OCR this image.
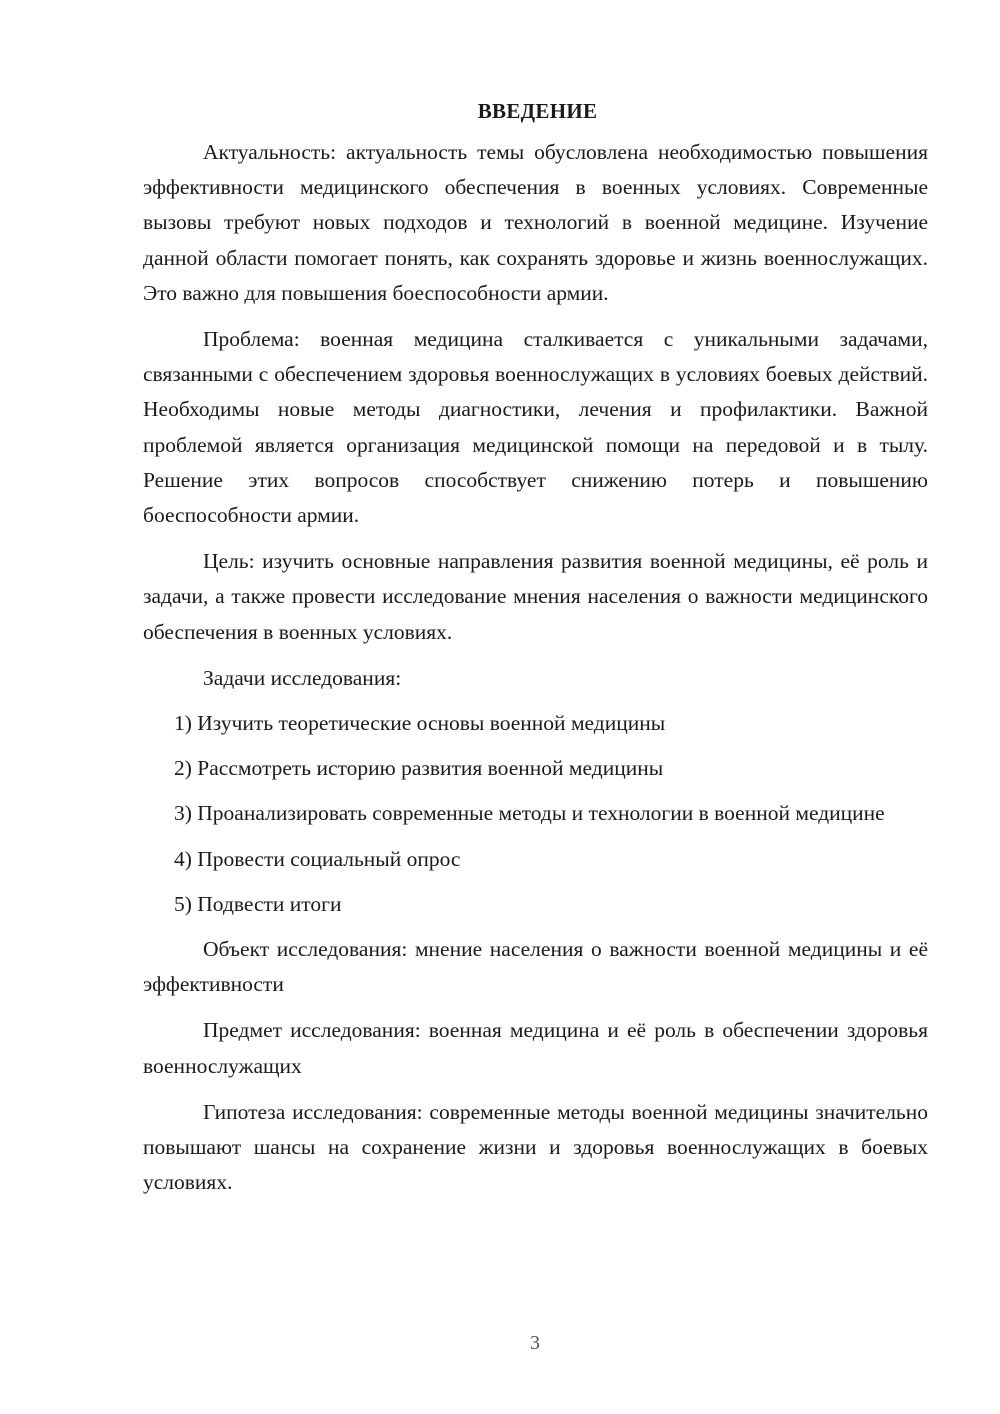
ВВЕДЕНИЕ

Актуальность: актуальность темы обусловлена необходимостью повышения эффективности медицинского обеспечения в военных условиях. Современные вызовы требуют новых подходов и технологий в военной медицине. Изучение данной области помогает понять, как сохранять здоровье и жизнь военнослужащих. Это важно для повышения боеспособности армии.

Проблема: военная медицина сталкивается с уникальными задачами, связанными с обеспечением здоровья военнослужащих в условиях боевых действий. Необходимы новые методы диагностики, лечения и профилактики. Важной проблемой является организация медицинской помощи на передовой и в тылу. Решение этих вопросов способствует снижению потерь и повышению боеспособности армии.

Цель: изучить основные направления развития военной медицины, её роль и задачи, а также провести исследование мнения населения о важности медицинского обеспечения в военных условиях.

Задачи исследования:

1) Изучить теоретические основы военной медицины

2) Рассмотреть историю развития военной медицины

3) Проанализировать современные методы и технологии в военной медицине

4) Провести социальный опрос

5) Подвести итоги

Объект исследования: мнение населения о важности военной медицины и её эффективности

Предмет исследования: военная медицина и её роль в обеспечении здоровья военнослужащих

Гипотеза исследования: современные методы военной медицины значительно повышают шансы на сохранение жизни и здоровья военнослужащих в боевых условиях.

3
